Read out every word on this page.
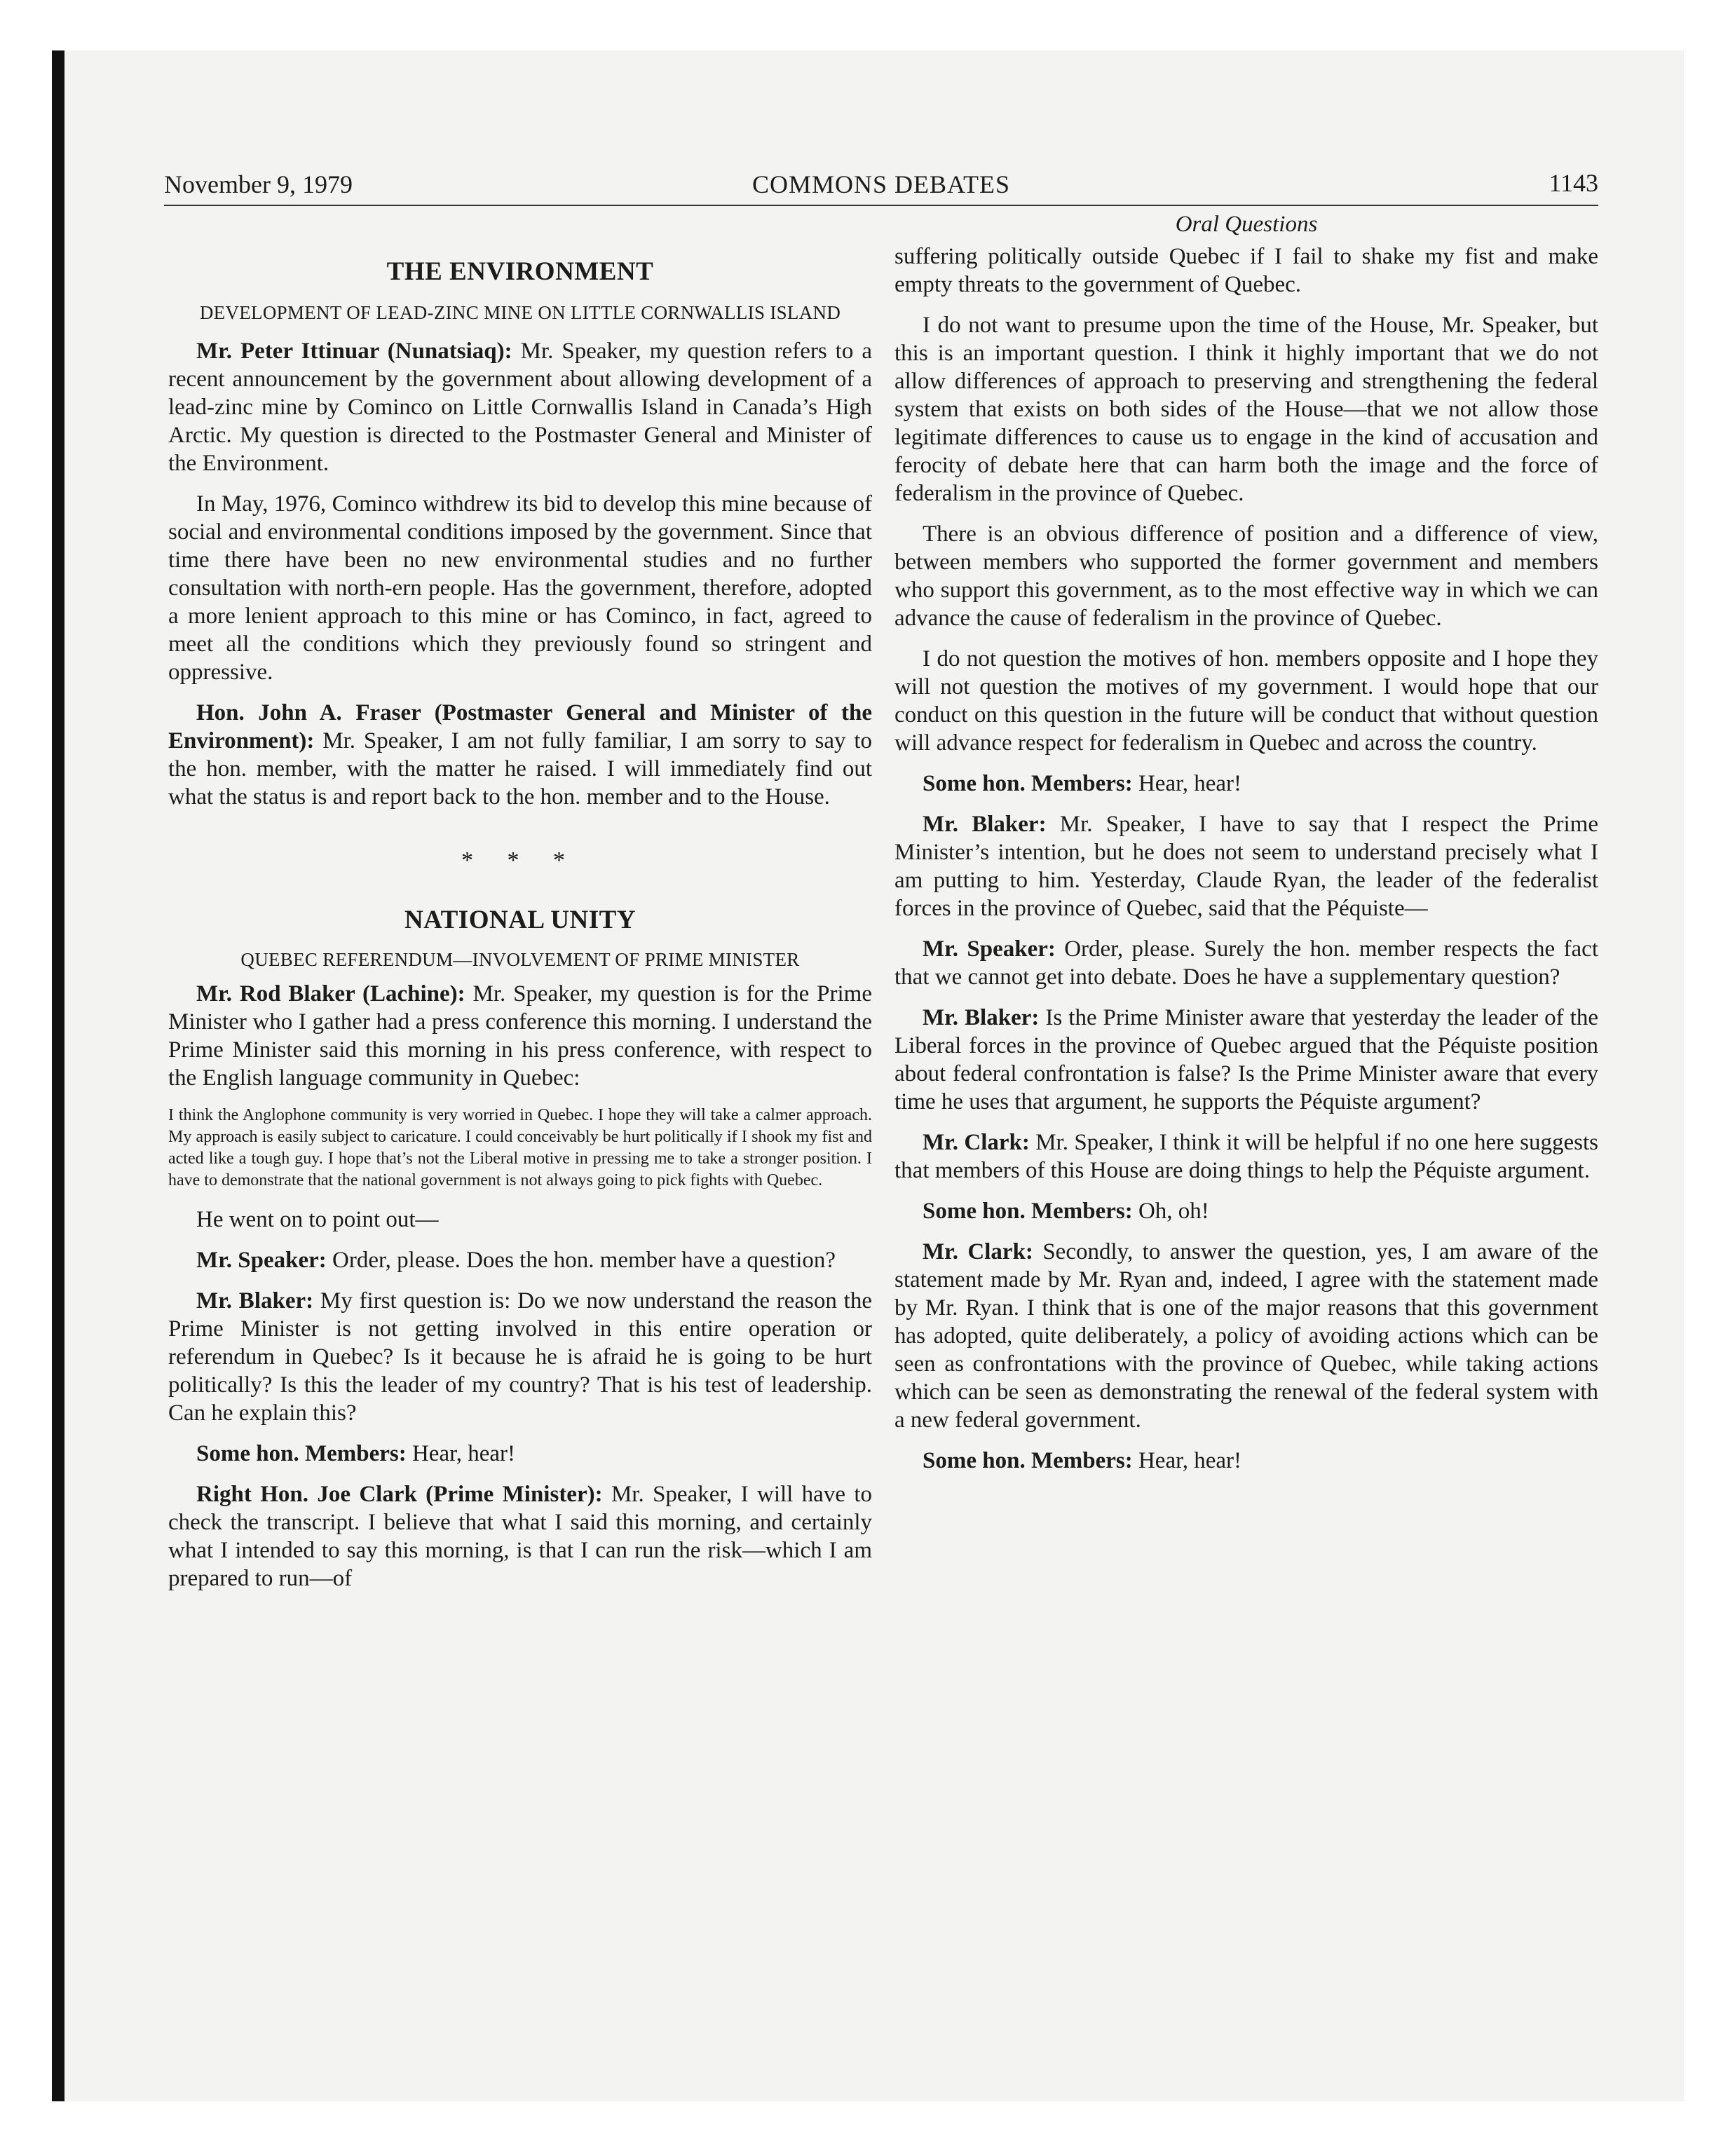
November 9, 1979	COMMONS DEBATES	1143
THE ENVIRONMENT
DEVELOPMENT OF LEAD-ZINC MINE ON LITTLE CORNWALLIS ISLAND

Mr. Peter Ittinuar (Nunatsiaq): Mr. Speaker, my question refers to a recent announcement by the government about allowing development of a lead-zinc mine by Cominco on Little Cornwallis Island in Canada’s High Arctic. My question is directed to the Postmaster General and Minister of the Environment.

In May, 1976, Cominco withdrew its bid to develop this mine because of social and environmental conditions imposed by the government. Since that time there have been no new environmental studies and no further consultation with north-ern people. Has the government, therefore, adopted a more lenient approach to this mine or has Cominco, in fact, agreed to meet all the conditions which they previously found so stringent and oppressive.

Hon. John A. Fraser (Postmaster General and Minister of the Environment): Mr. Speaker, I am not fully familiar, I am sorry to say to the hon. member, with the matter he raised. I will immediately find out what the status is and report back to the hon. member and to the House.

* * *
NATIONAL UNITY
QUEBEC REFERENDUM—INVOLVEMENT OF PRIME MINISTER

Mr. Rod Blaker (Lachine): Mr. Speaker, my question is for the Prime Minister who I gather had a press conference this morning. I understand the Prime Minister said this morning in his press conference, with respect to the English language community in Quebec:

I think the Anglophone community is very worried in Quebec. I hope they will take a calmer approach. My approach is easily subject to caricature. I could conceivably be hurt politically if I shook my fist and acted like a tough guy. I hope that’s not the Liberal motive in pressing me to take a stronger position. I have to demonstrate that the national government is not always going to pick fights with Quebec.

He went on to point out—

Mr. Speaker: Order, please. Does the hon. member have a question?

Mr. Blaker: My first question is: Do we now understand the reason the Prime Minister is not getting involved in this entire operation or referendum in Quebec? Is it because he is afraid he is going to be hurt politically? Is this the leader of my country? That is his test of leadership. Can he explain this?

Some hon. Members: Hear, hear!

Right Hon. Joe Clark (Prime Minister): Mr. Speaker, I will have to check the transcript. I believe that what I said this morning, and certainly what I intended to say this morning, is that I can run the risk—which I am prepared to run—of

Oral Questions

suffering politically outside Quebec if I fail to shake my fist and make empty threats to the government of Quebec.

I do not want to presume upon the time of the House, Mr. Speaker, but this is an important question. I think it highly important that we do not allow differences of approach to preserving and strengthening the federal system that exists on both sides of the House—that we not allow those legitimate differences to cause us to engage in the kind of accusation and ferocity of debate here that can harm both the image and the force of federalism in the province of Quebec.

There is an obvious difference of position and a difference of view, between members who supported the former government and members who support this government, as to the most effective way in which we can advance the cause of federalism in the province of Quebec.

I do not question the motives of hon. members opposite and I hope they will not question the motives of my government. I would hope that our conduct on this question in the future will be conduct that without question will advance respect for federalism in Quebec and across the country.

Some hon. Members: Hear, hear!

Mr. Blaker: Mr. Speaker, I have to say that I respect the Prime Minister’s intention, but he does not seem to understand precisely what I am putting to him. Yesterday, Claude Ryan, the leader of the federalist forces in the province of Quebec, said that the Péquiste—

Mr. Speaker: Order, please. Surely the hon. member respects the fact that we cannot get into debate. Does he have a supplementary question?

Mr. Blaker: Is the Prime Minister aware that yesterday the leader of the Liberal forces in the province of Quebec argued that the Péquiste position about federal confrontation is false? Is the Prime Minister aware that every time he uses that argument, he supports the Péquiste argument?

Mr. Clark: Mr. Speaker, I think it will be helpful if no one here suggests that members of this House are doing things to help the Péquiste argument.

Some hon. Members: Oh, oh!

Mr. Clark: Secondly, to answer the question, yes, I am aware of the statement made by Mr. Ryan and, indeed, I agree with the statement made by Mr. Ryan. I think that is one of the major reasons that this government has adopted, quite deliberately, a policy of avoiding actions which can be seen as confrontations with the province of Quebec, while taking actions which can be seen as demonstrating the renewal of the federal system with a new federal government.

Some hon. Members: Hear, hear!
